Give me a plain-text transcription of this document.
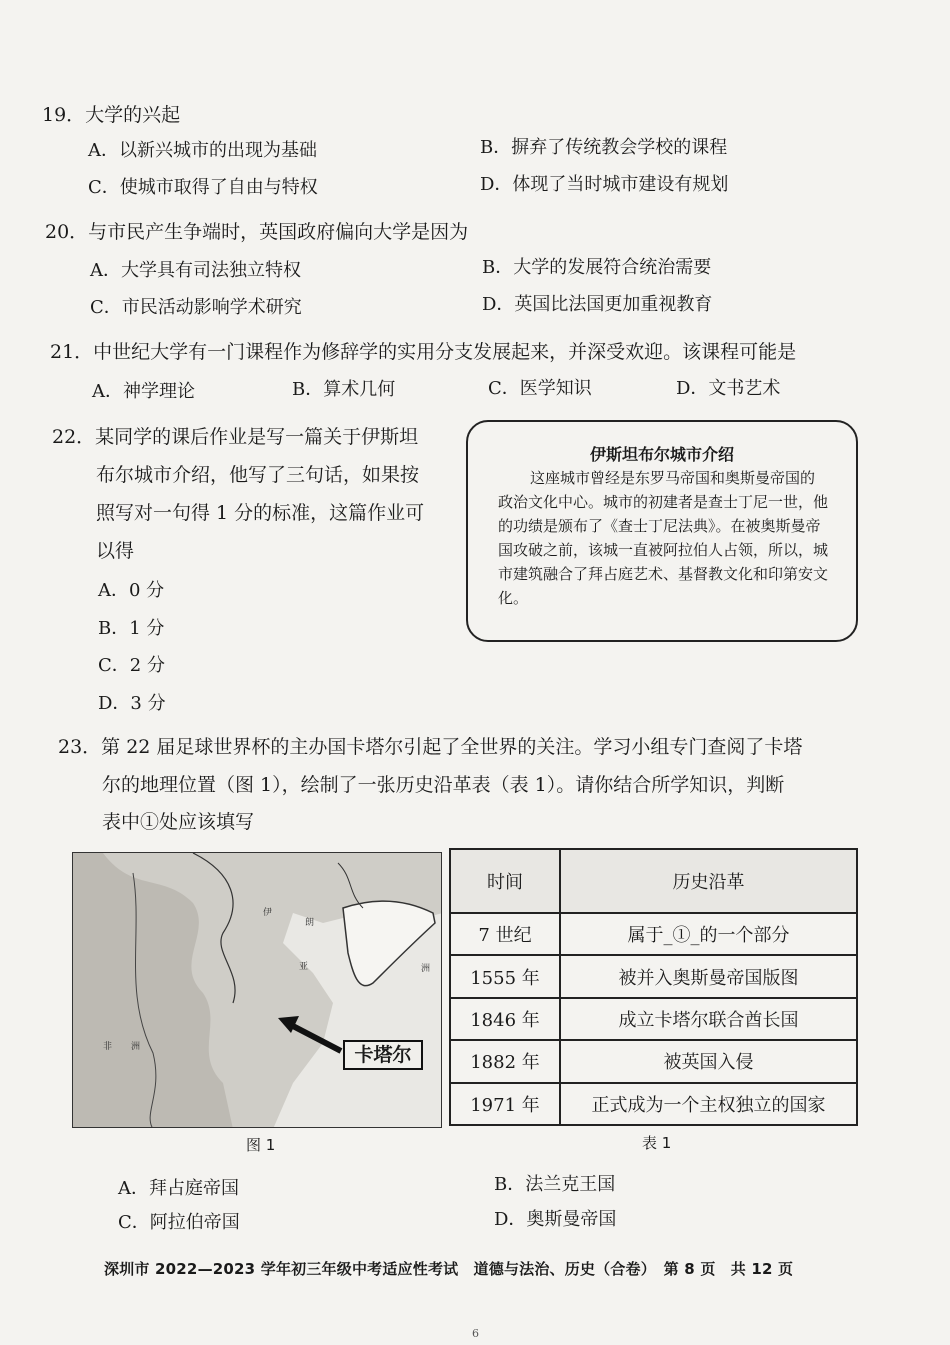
19．大学的兴起
A．以新兴城市的出现为基础	B．摒弃了传统教会学校的课程
C．使城市取得了自由与特权	D．体现了当时城市建设有规划
20．与市民产生争端时，英国政府偏向大学是因为
A．大学具有司法独立特权	B．大学的发展符合统治需要
C．市民活动影响学术研究	D．英国比法国更加重视教育
21．中世纪大学有一门课程作为修辞学的实用分支发展起来，并深受欢迎。该课程可能是
A．神学理论	B．算术几何	C．医学知识	D．文书艺术
22．某同学的课后作业是写一篇关于伊斯坦
布尔城市介绍，他写了三句话，如果按
照写对一句得 1 分的标准，这篇作业可
以得
A．0 分
B．1 分
C．2 分
D．3 分
伊斯坦布尔城市介绍
这座城市曾经是东罗马帝国和奥斯曼帝国的政治文化中心。城市的初建者是查士丁尼一世，他的功绩是颁布了《查士丁尼法典》。在被奥斯曼帝国攻破之前，该城一直被阿拉伯人占领，所以，城市建筑融合了拜占庭艺术、基督教文化和印第安文化。
23．第 22 届足球世界杯的主办国卡塔尔引起了全世界的关注。学习小组专门查阅了卡塔
尔的地理位置（图 1），绘制了一张历史沿革表（表 1）。请你结合所学知识，判断
表中①处应该填写
伊
朗
亚	洲
非 洲	卡塔尔
图 1
时间	历史沿革
7 世纪	属于_①_的一个部分
1555 年	被并入奥斯曼帝国版图
1846 年	成立卡塔尔联合酋长国
1882 年	被英国入侵
1971 年	正式成为一个主权独立的国家
表 1
A．拜占庭帝国	B．法兰克王国
C．阿拉伯帝国	D．奥斯曼帝国
深圳市 2022—2023 学年初三年级中考适应性考试　道德与法治、历史（合卷）　第 8 页　共 12 页
6
